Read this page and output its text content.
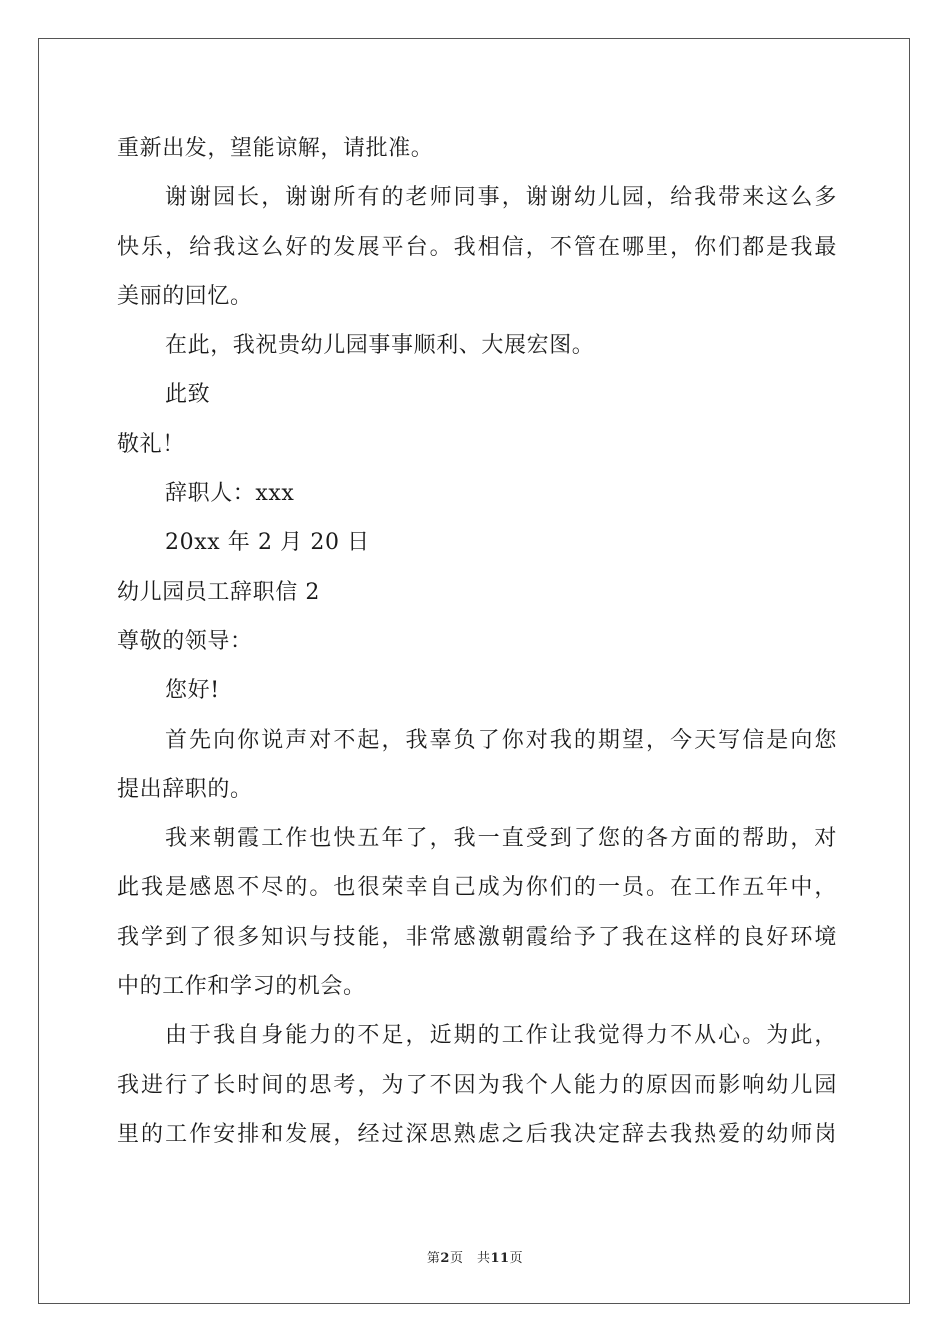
重新出发，望能谅解，请批准。
谢谢园长，谢谢所有的老师同事，谢谢幼儿园，给我带来这么多
快乐，给我这么好的发展平台。我相信，不管在哪里，你们都是我最
美丽的回忆。
在此，我祝贵幼儿园事事顺利、大展宏图。
此致
敬礼！
辞职人：xxx
20xx 年 2 月 20 日
幼儿园员工辞职信 2
尊敬的领导：
您好!
首先向你说声对不起，我辜负了你对我的期望，今天写信是向您
提出辞职的。
我来朝霞工作也快五年了，我一直受到了您的各方面的帮助，对
此我是感恩不尽的。也很荣幸自己成为你们的一员。在工作五年中，
我学到了很多知识与技能，非常感激朝霞给予了我在这样的良好环境
中的工作和学习的机会。
由于我自身能力的不足，近期的工作让我觉得力不从心。为此，
我进行了长时间的思考，为了不因为我个人能力的原因而影响幼儿园
里的工作安排和发展，经过深思熟虑之后我决定辞去我热爱的幼师岗
第2页　共11页
